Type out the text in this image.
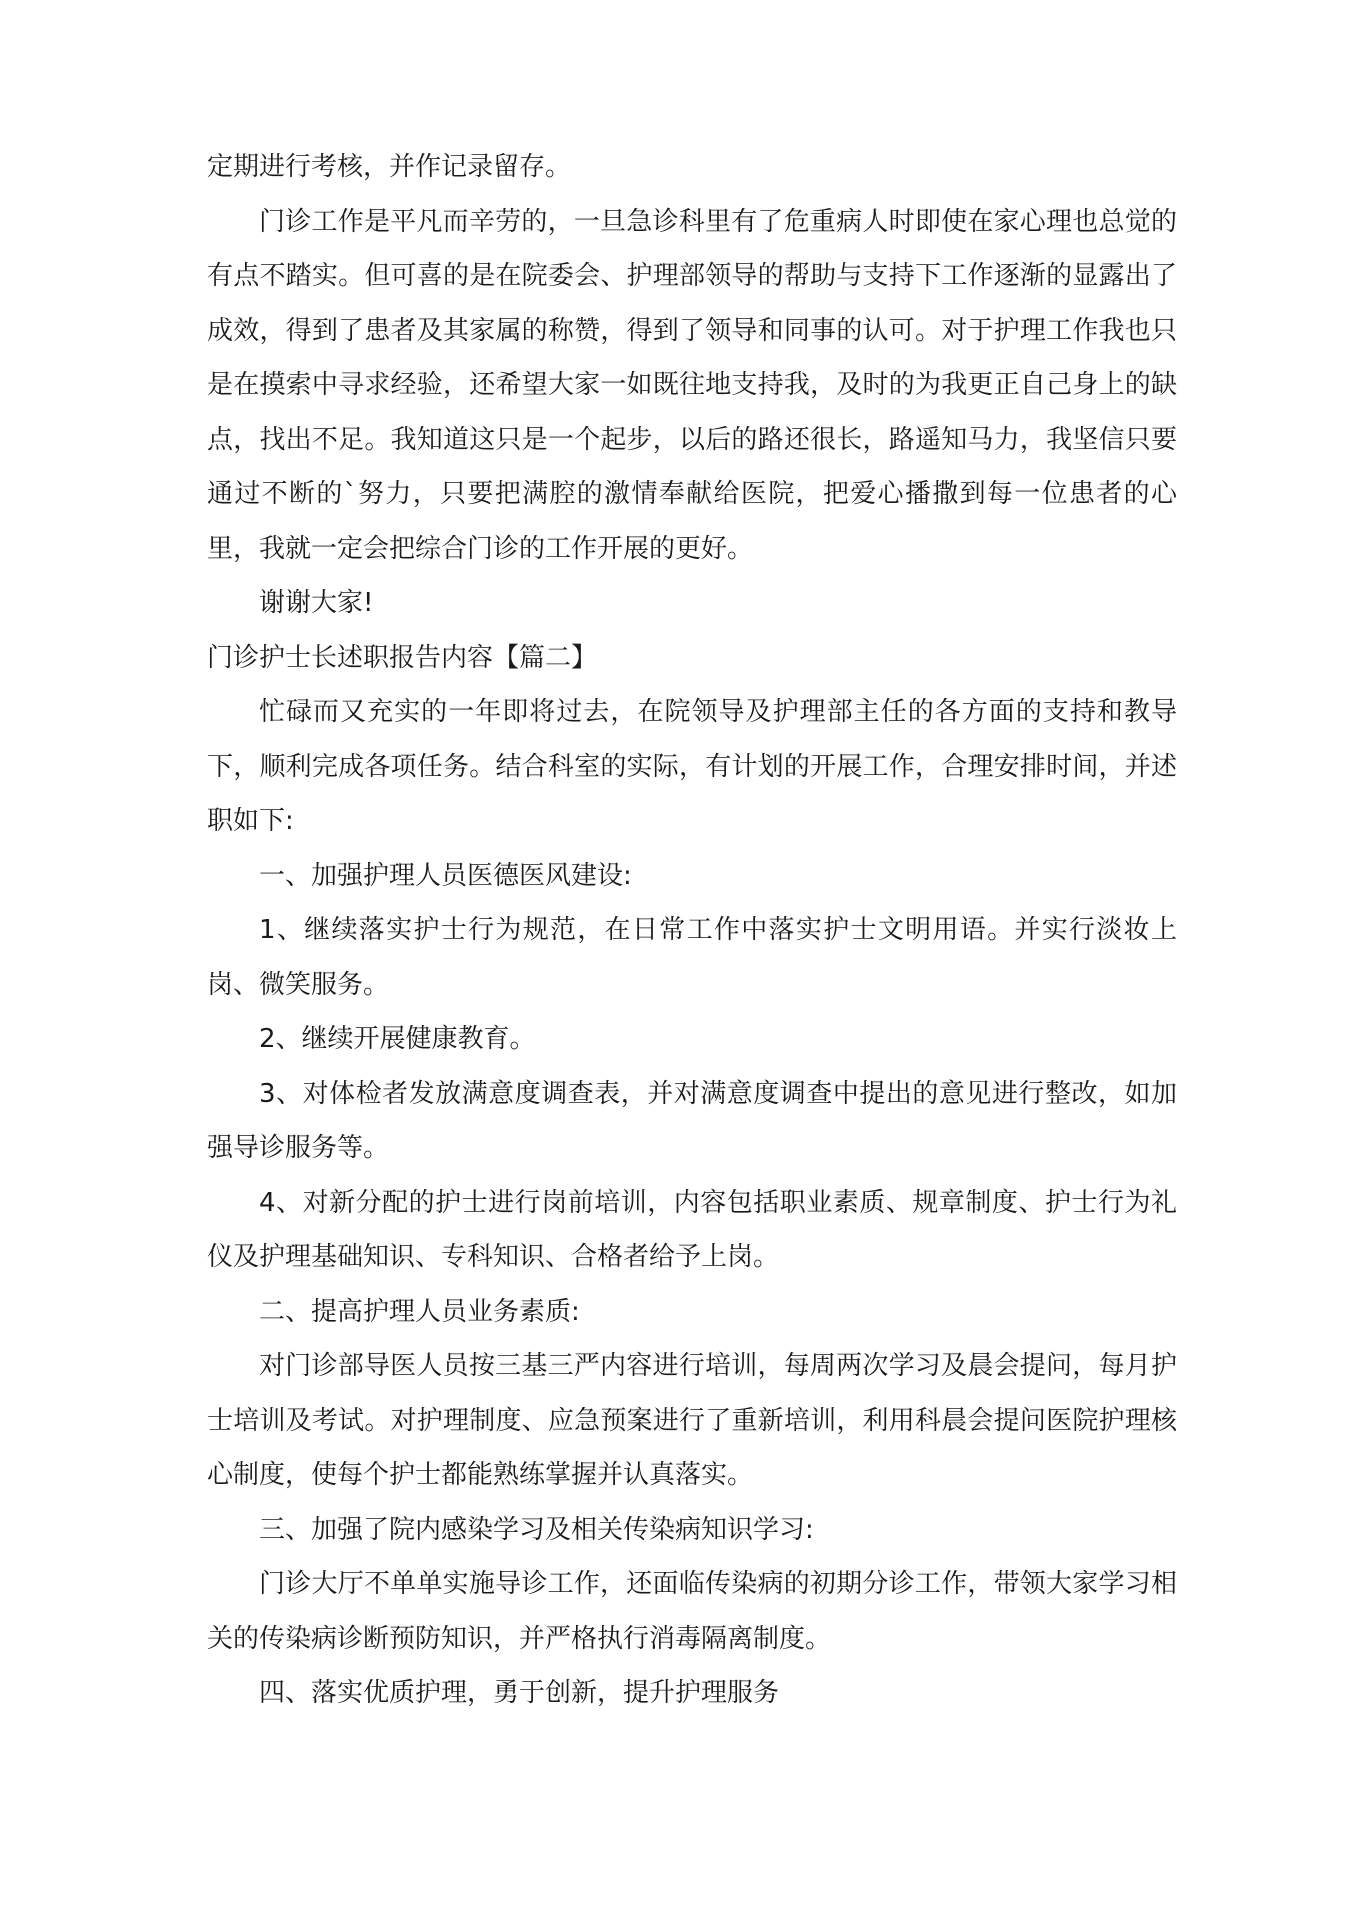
定期进行考核，并作记录留存。

门诊工作是平凡而辛劳的，一旦急诊科里有了危重病人时即使在家心理也总觉的有点不踏实。但可喜的是在院委会、护理部领导的帮助与支持下工作逐渐的显露出了成效，得到了患者及其家属的称赞，得到了领导和同事的认可。对于护理工作我也只是在摸索中寻求经验，还希望大家一如既往地支持我，及时的为我更正自己身上的缺点，找出不足。我知道这只是一个起步，以后的路还很长，路遥知马力，我坚信只要通过不断的`努力，只要把满腔的激情奉献给医院，把爱心播撒到每一位患者的心里，我就一定会把综合门诊的工作开展的更好。

谢谢大家!

门诊护士长述职报告内容【篇二】

忙碌而又充实的一年即将过去，在院领导及护理部主任的各方面的支持和教导下，顺利完成各项任务。结合科室的实际，有计划的开展工作，合理安排时间，并述职如下:

一、加强护理人员医德医风建设:

1、继续落实护士行为规范，在日常工作中落实护士文明用语。并实行淡妆上岗、微笑服务。

2、继续开展健康教育。

3、对体检者发放满意度调查表，并对满意度调查中提出的意见进行整改，如加强导诊服务等。

4、对新分配的护士进行岗前培训，内容包括职业素质、规章制度、护士行为礼仪及护理基础知识、专科知识、合格者给予上岗。

二、提高护理人员业务素质:

对门诊部导医人员按三基三严内容进行培训，每周两次学习及晨会提问，每月护士培训及考试。对护理制度、应急预案进行了重新培训，利用科晨会提问医院护理核心制度，使每个护士都能熟练掌握并认真落实。

三、加强了院内感染学习及相关传染病知识学习:

门诊大厅不单单实施导诊工作，还面临传染病的初期分诊工作，带领大家学习相关的传染病诊断预防知识，并严格执行消毒隔离制度。

四、落实优质护理，勇于创新，提升护理服务
